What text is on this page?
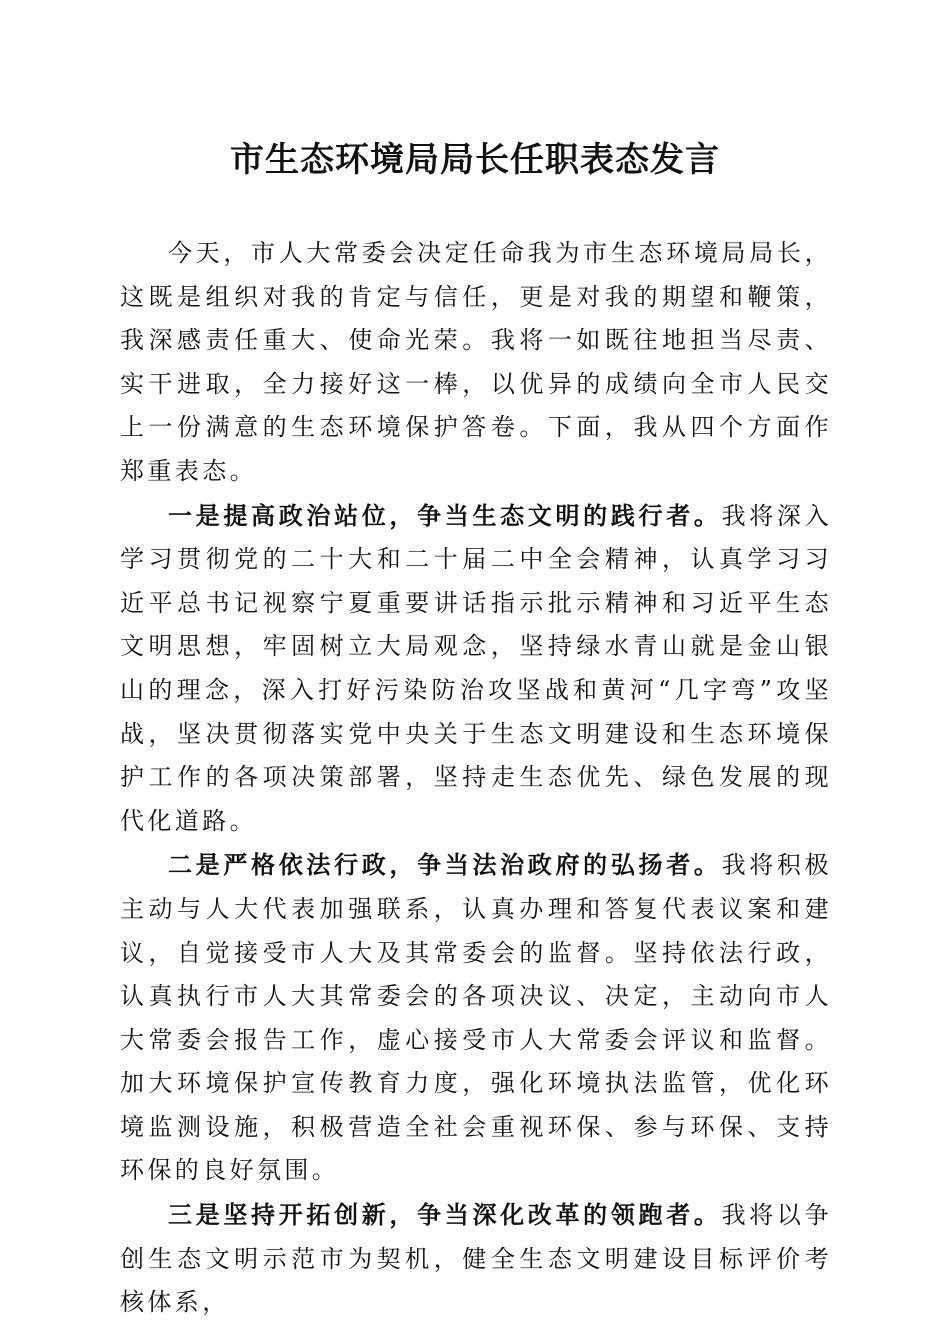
市生态环境局局长任职表态发言

今天，市人大常委会决定任命我为市生态环境局局长，这既是组织对我的肯定与信任，更是对我的期望和鞭策，我深感责任重大、使命光荣。我将一如既往地担当尽责、实干进取，全力接好这一棒，以优异的成绩向全市人民交上一份满意的生态环境保护答卷。下面，我从四个方面作郑重表态。

一是提高政治站位，争当生态文明的践行者。我将深入学习贯彻党的二十大和二十届二中全会精神，认真学习习近平总书记视察宁夏重要讲话指示批示精神和习近平生态文明思想，牢固树立大局观念，坚持绿水青山就是金山银山的理念，深入打好污染防治攻坚战和黄河“几字弯”攻坚战，坚决贯彻落实党中央关于生态文明建设和生态环境保护工作的各项决策部署，坚持走生态优先、绿色发展的现代化道路。

二是严格依法行政，争当法治政府的弘扬者。我将积极主动与人大代表加强联系，认真办理和答复代表议案和建议，自觉接受市人大及其常委会的监督。坚持依法行政，认真执行市人大其常委会的各项决议、决定，主动向市人大常委会报告工作，虚心接受市人大常委会评议和监督。加大环境保护宣传教育力度，强化环境执法监管，优化环境监测设施，积极营造全社会重视环保、参与环保、支持环保的良好氛围。

三是坚持开拓创新，争当深化改革的领跑者。我将以争创生态文明示范市为契机，健全生态文明建设目标评价考核体系，
